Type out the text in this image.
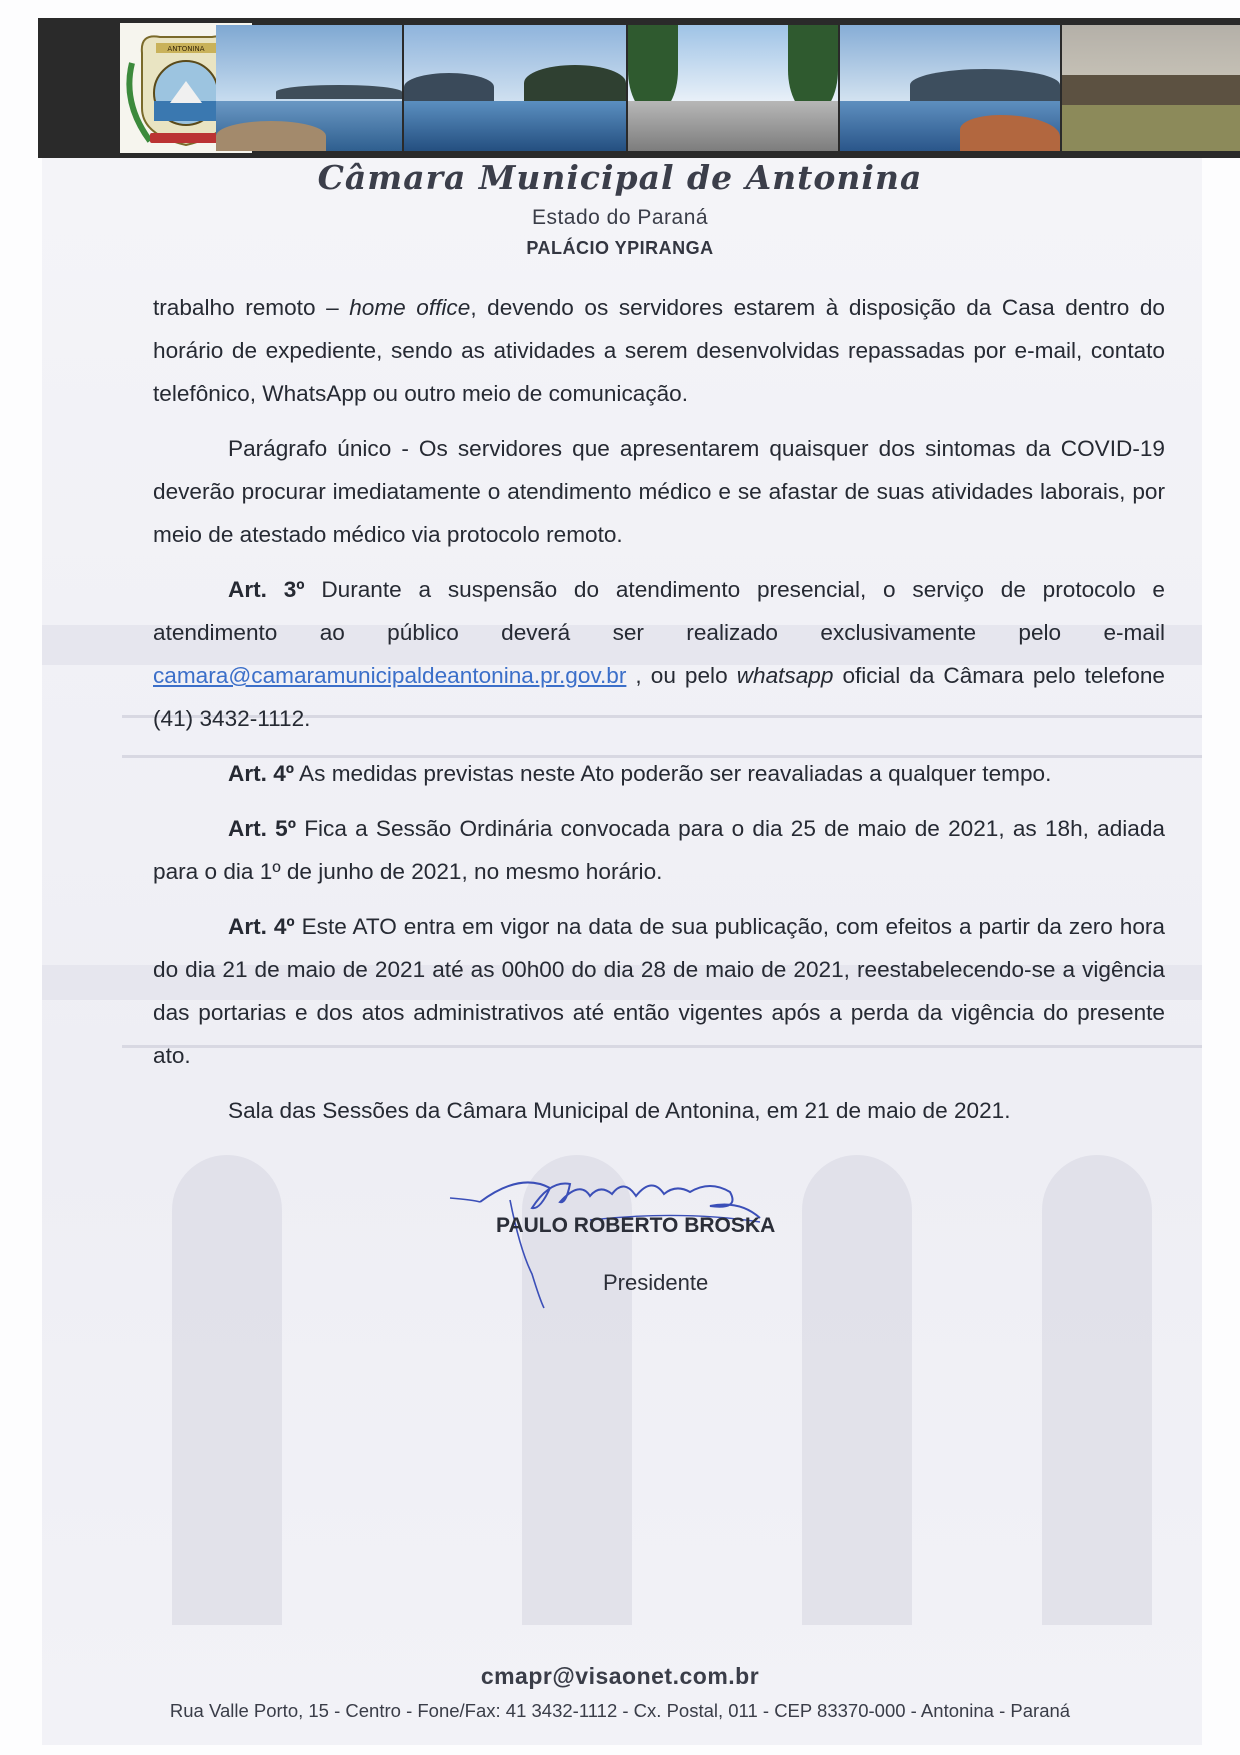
ANTONINA
Câmara Municipal de Antonina
Estado do Paraná
PALÁCIO YPIRANGA

trabalho remoto – home office, devendo os servidores estarem à disposição da Casa dentro do horário de expediente, sendo as atividades a serem desenvolvidas repassadas por e-mail, contato telefônico, WhatsApp ou outro meio de comunicação.

Parágrafo único - Os servidores que apresentarem quaisquer dos sintomas da COVID-19 deverão procurar imediatamente o atendimento médico e se afastar de suas atividades laborais, por meio de atestado médico via protocolo remoto.

Art. 3º Durante a suspensão do atendimento presencial, o serviço de protocolo e atendimento ao público deverá ser realizado exclusivamente pelo e-mail camara@camaramunicipaldeantonina.pr.gov.br , ou pelo whatsapp oficial da Câmara pelo telefone (41) 3432-1112.

Art. 4º As medidas previstas neste Ato poderão ser reavaliadas a qualquer tempo.

Art. 5º Fica a Sessão Ordinária convocada para o dia 25 de maio de 2021, as 18h, adiada para o dia 1º de junho de 2021, no mesmo horário.

Art. 4º Este ATO entra em vigor na data de sua publicação, com efeitos a partir da zero hora do dia 21 de maio de 2021 até as 00h00 do dia 28 de maio de 2021, reestabelecendo-se a vigência das portarias e dos atos administrativos até então vigentes após a perda da vigência do presente ato.

Sala das Sessões da Câmara Municipal de Antonina, em 21 de maio de 2021.

PAULO ROBERTO BROSKA
Presidente
cmapr@visaonet.com.br
Rua Valle Porto, 15 - Centro - Fone/Fax: 41 3432-1112 - Cx. Postal, 011 - CEP 83370-000 - Antonina - Paraná
